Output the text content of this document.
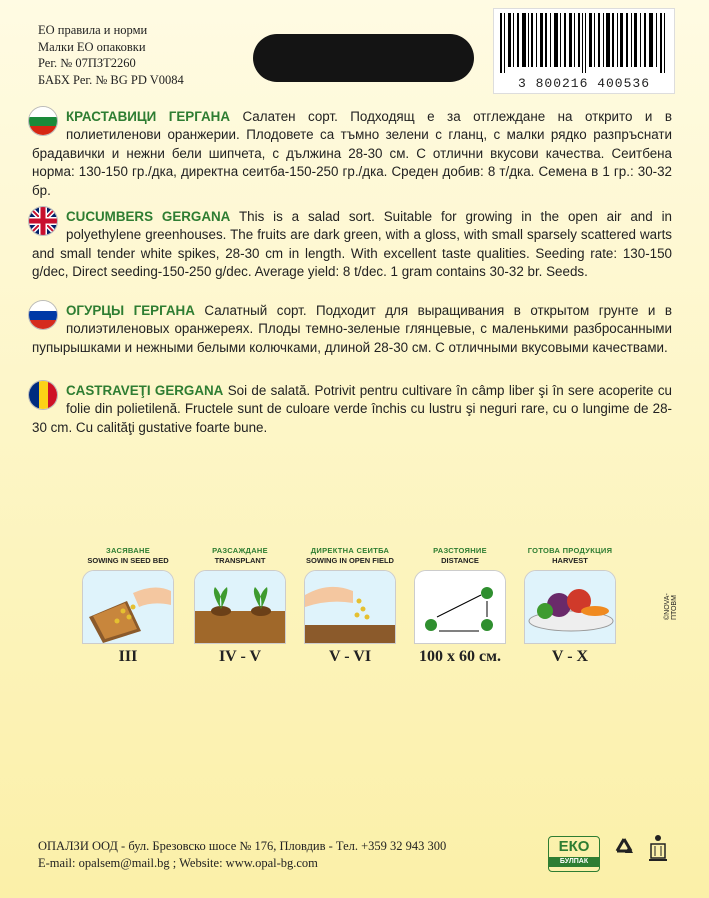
ЕО правила и норми
Малки ЕО опаковки
Рег. № 07ПЗТ2260
БАБХ Рег. № BG PD V0084	3 800216 400536
КРАСТАВИЦИ ГЕРГАНА Салатен сорт. Подходящ е за отглеждане на открито и в полиетиленови оранжерии. Плодовете са тъмно зелени с гланц, с малки рядко разпръснати брадавички и нежни бели шипчета, с дължина 28-30 см. С отлични вкусови качества. Сеитбена норма: 130-150 гр./дка, директна сеитба-150-250 гр./дка. Среден добив: 8 т/дка. Семена в 1 гр.: 30-32 бр.
CUCUMBERS GERGANA This is a salad sort. Suitable for growing in the open air and in polyethylene greenhouses. The fruits are dark green, with a gloss, with small sparsely scattered warts and small tender white spikes, 28-30 cm in length. With excellent taste qualities. Seeding rate: 130-150 g/dec, Direct seeding-150-250 g/dec. Average yield: 8 t/dec. 1 gram contains 30-32 br. Seeds.
ОГУРЦЫ ГЕРГАНА Салатный сорт. Подходит для выращивания в открытом грунте и в полиэтиленовых оранжереях. Плоды темно-зеленые глянцевые, с маленькими разбросанными пупырышками и нежными белыми колючками, длиной 28-30 см. С отличными вкусовыми качествами.
CASTRAVEŢI GERGANA Soi de salată. Potrivit pentru cultivare în câmp liber şi în sere acoperite cu folie din polietilenă. Fructele sunt de culoare verde închis cu lustru şi neguri rare, cu o lungime de 28-30 cm. Cu calităţi gustative foarte bune.
ЗАСЯВАНЕ
SOWING IN SEED BED
III
РАЗСАЖДАНЕ
TRANSPLANT
IV - V
ДИРЕКТНА СЕИТБА
SOWING IN OPEN FIELD
V - VI
РАЗСТОЯНИЕ
DISTANCE
100 x 60 см.
ГОТОВА ПРОДУКЦИЯ
HARVEST
V - X
©NOVA-ПТОВМ
ОПАЛЗИ ООД - бул. Брезовско шосе № 176, Пловдив - Тел. +359 32 943 300
E-mail: opalsem@mail.bg ; Website: www.opal-bg.com
ЕКО
БУЛПАК
